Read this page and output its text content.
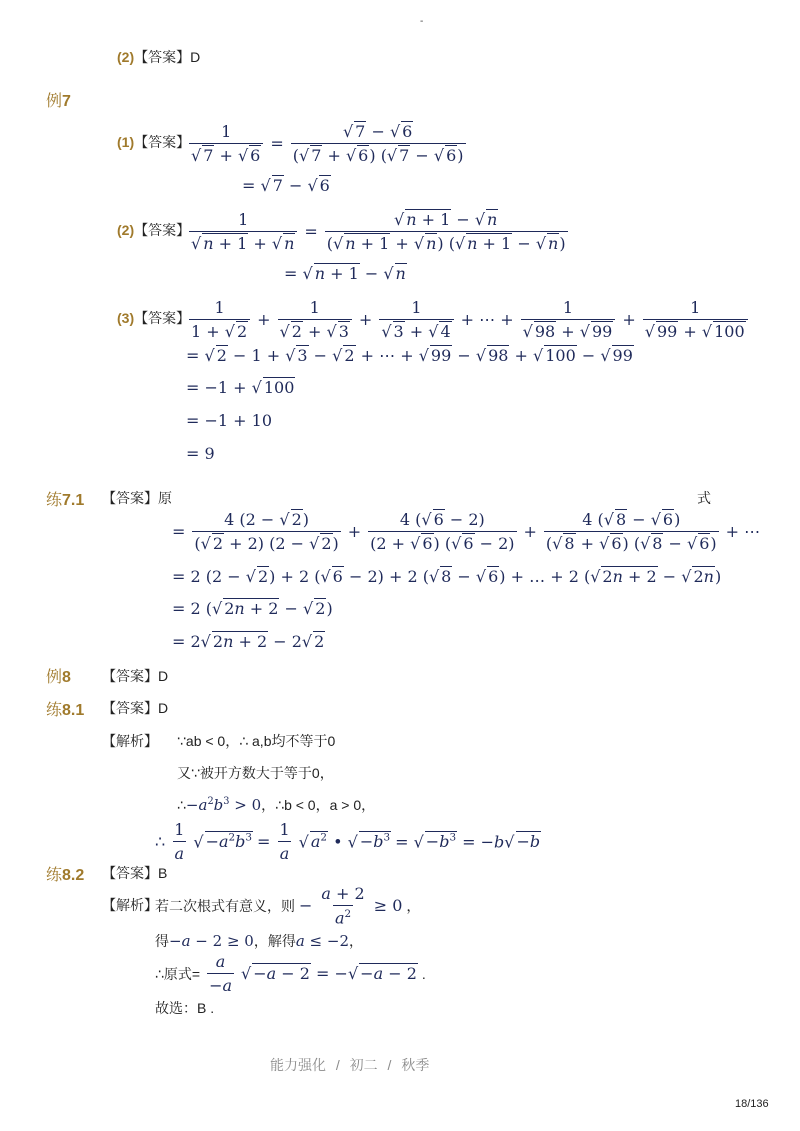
-
(2)【答案】D
例7
(1)【答案】
$\frac{1}{√ 7 + √ 6} = \frac{√ 7 - √ 6}{(√ 7 + √ 6) (√ 7 - √ 6)}$
= √ 7 − √ 6
(2)【答案】
$\frac{1}{√ n + 1 + √ n} = \frac{√ n + 1 - √ n}{(√ n + 1 + √ n) (√ n + 1 - √ n)}$
= √ n + 1 − √ n
(3)【答案】
$\frac{1}{1 + √ 2} + \frac{1}{√ 2 + √ 3} + \frac{1}{√ 3 + √ 4}$ + ⋯ + $\frac{1}{√ 98 + √ 99} + \frac{1}{√ 99 + √ 100}$
= √ 2 − 1 + √ 3 − √ 2 + ⋯ + √ 99 − √ 98 + √ 100 − √ 99
= −1 + √ 100
= −1 + 10
= 9
练7.1 【答案】原	式
= $\frac{4 (2 - √ 2)}{(√ 2 + 2) (2 - √ 2)} + \frac{4 (√ 6 - 2)}{(2 + √ 6) (√ 6 - 2)} + \frac{4 (√ 8 - √ 6)}{(√ 8 + √ 6) (√ 8 - √ 6)}$ + ⋯
= 2 (2 − √ 2) + 2 (√ 6 − 2) + 2 (√ 8 − √ 6) + … + 2 (√ 2n + 2 − √ 2n)
= 2 (√ 2n + 2 − √ 2)
= 2√ 2n + 2 − 2√ 2
例8 【答案】D
练8.1 【答案】D
【解析】 ∵ab < 0，∴ a,b均不等于0
又∵被开方数大于等于0，
$\therefore-a^2b^3 > 0$，∴b < 0，a > 0，
∴ $\frac{1}{a}$ √ $-a^2b^3 = \frac{1}{a}$ √ $a^2$ • √ $-b^3$ = √ $-b^3 = -b√ -b$
练8.2 【答案】B
【解析】
若二次根式有意义，则 − $\frac{a + 2}{a^2} \ge 0$ ，
得−a − 2 ≥ 0，解得a ≤ −2，
∴原式= $\frac{a}{-a}$ √ −a − 2 = −√ −a − 2 .
故选：B .
能力强化 / 初二 / 秋季
18/136
